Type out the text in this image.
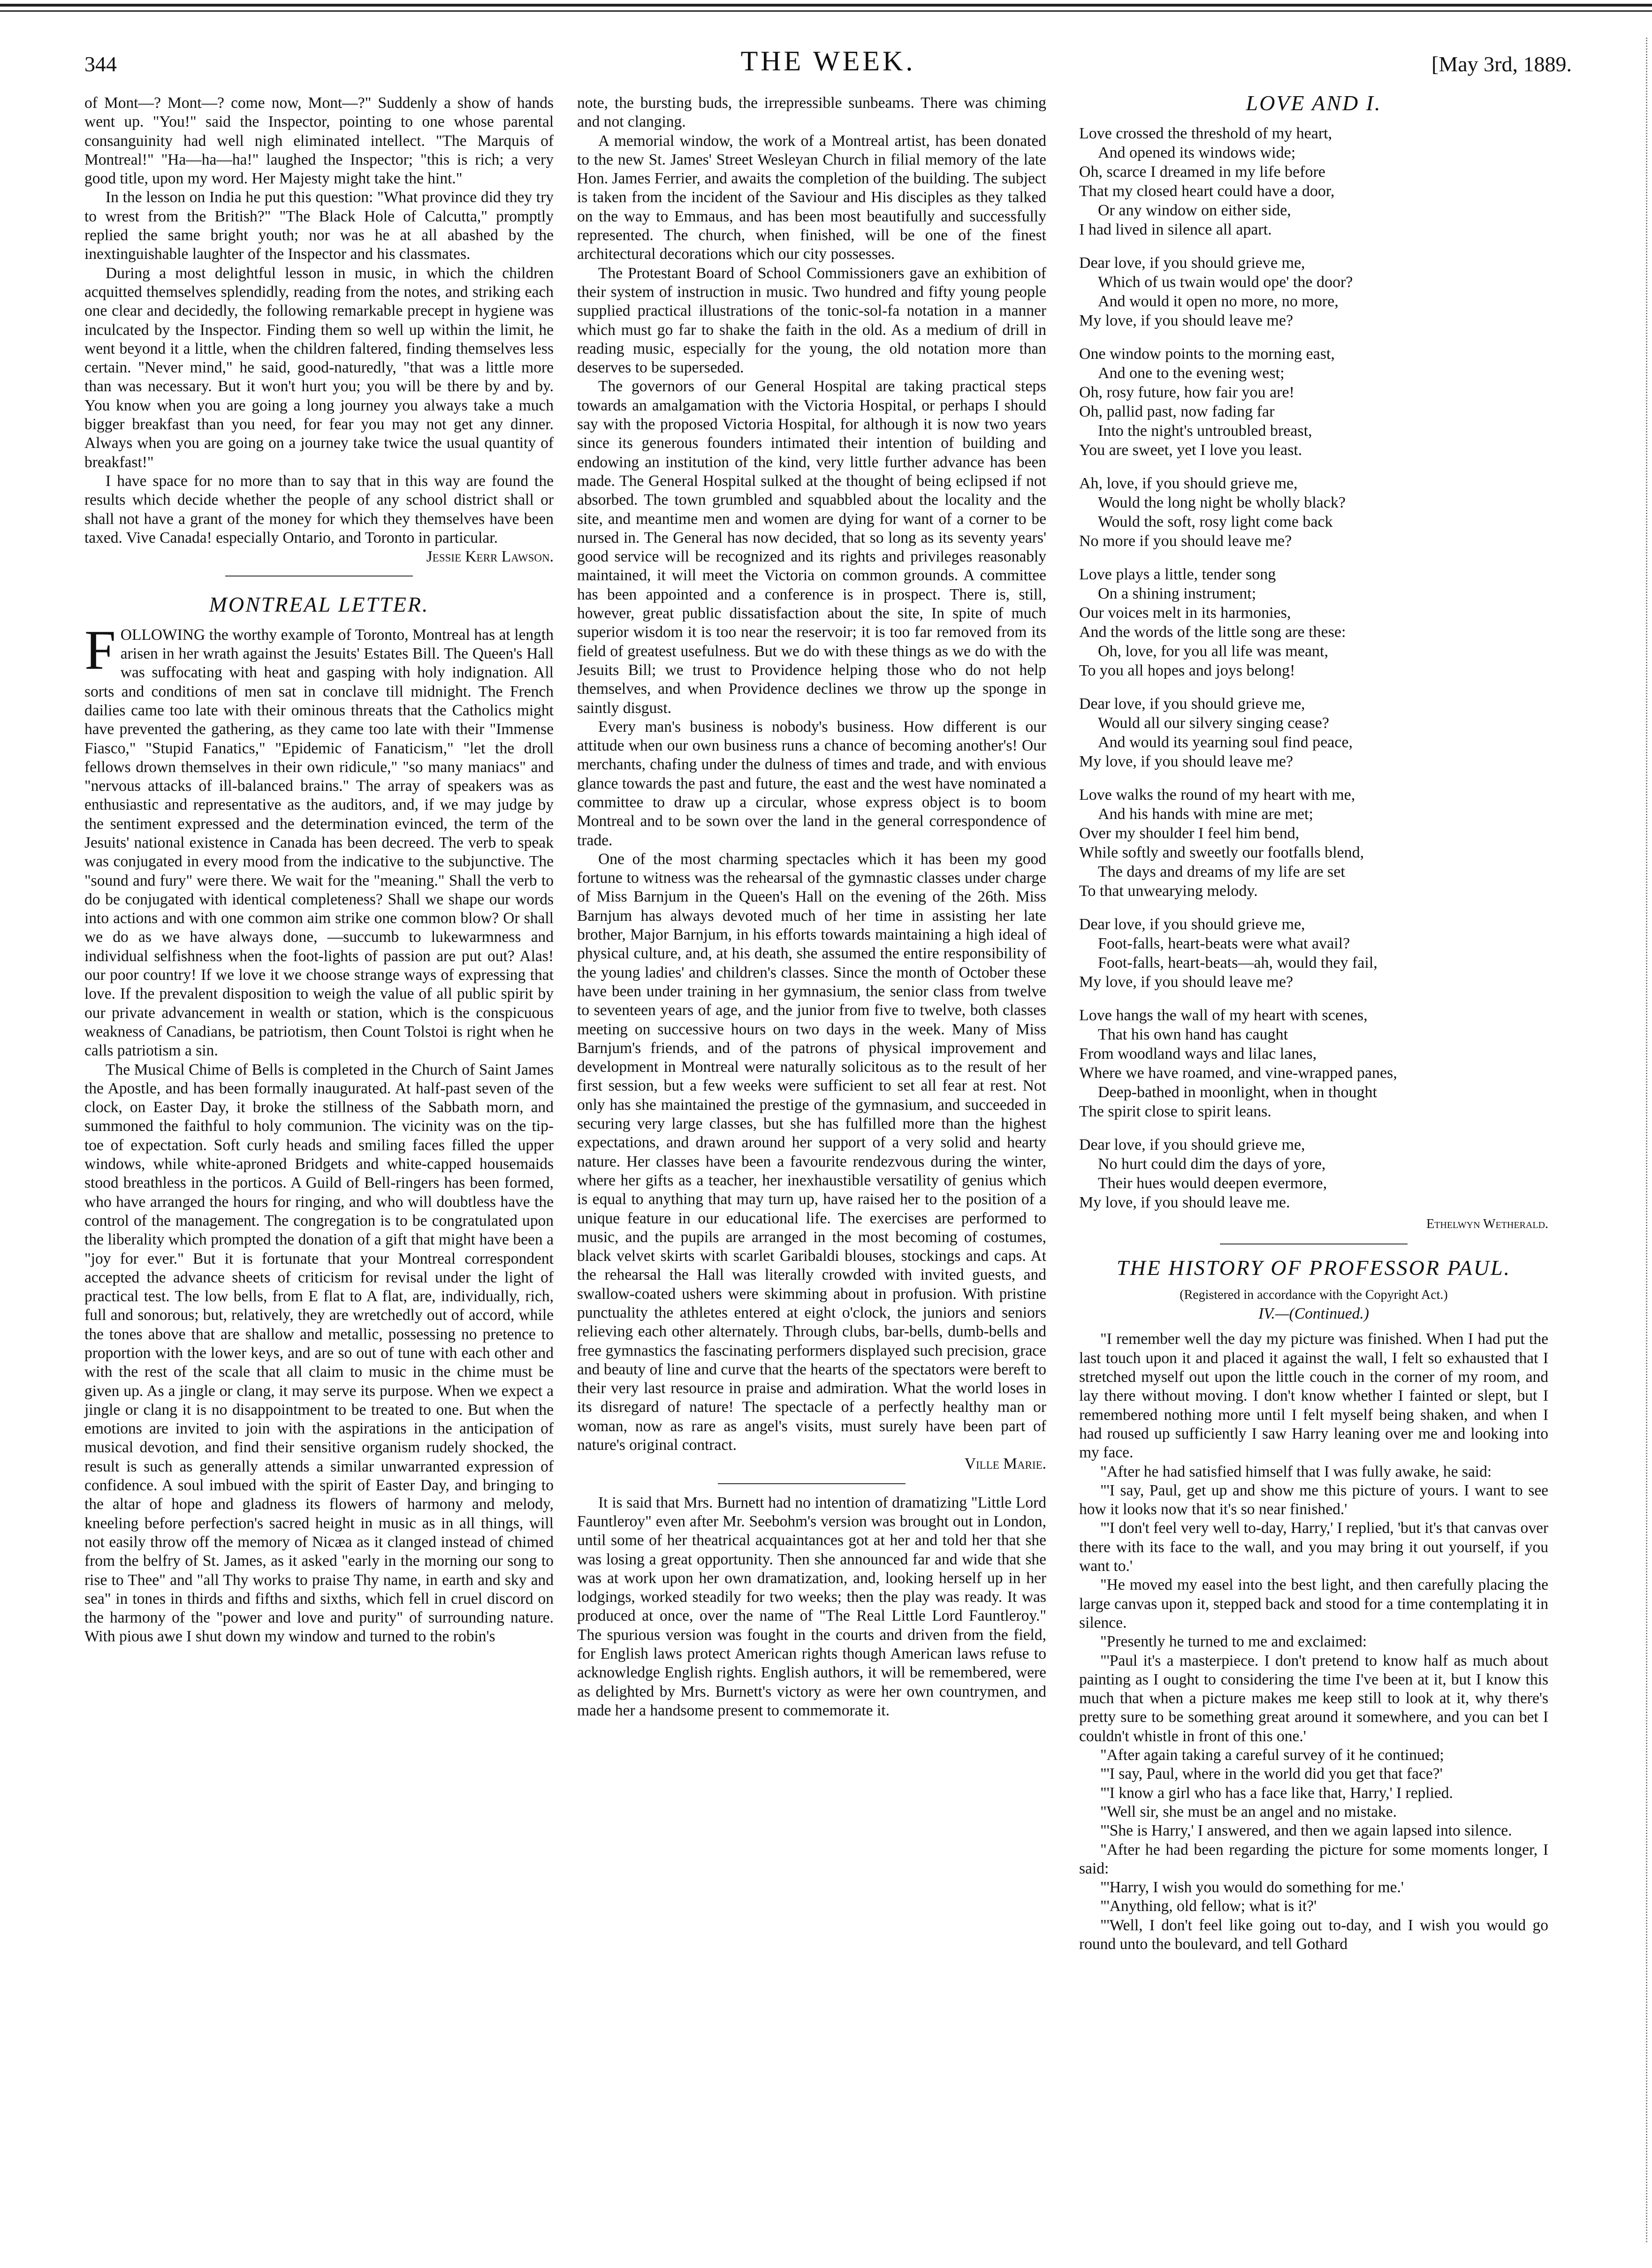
344	THE WEEK.	[May 3rd, 1889.

of Mont—? Mont—? come now, Mont—?" Suddenly a show of hands went up. "You!" said the Inspector, pointing to one whose parental consanguinity had well nigh eliminated intellect. "The Marquis of Montreal!" "Ha—ha—ha!" laughed the Inspector; "this is rich; a very good title, upon my word. Her Majesty might take the hint."

In the lesson on India he put this question: "What province did they try to wrest from the British?" "The Black Hole of Calcutta," promptly replied the same bright youth; nor was he at all abashed by the inextinguishable laughter of the Inspector and his classmates.

During a most delightful lesson in music, in which the children acquitted themselves splendidly, reading from the notes, and striking each one clear and decidedly, the following remarkable precept in hygiene was inculcated by the Inspector. Finding them so well up within the limit, he went beyond it a little, when the children faltered, finding themselves less certain. "Never mind," he said, good-naturedly, "that was a little more than was necessary. But it won't hurt you; you will be there by and by. You know when you are going a long journey you always take a much bigger breakfast than you need, for fear you may not get any dinner. Always when you are going on a journey take twice the usual quantity of breakfast!"

I have space for no more than to say that in this way are found the results which decide whether the people of any school district shall or shall not have a grant of the money for which they themselves have been taxed. Vive Canada! especially Ontario, and Toronto in particular.

Jessie Kerr Lawson.

MONTREAL LETTER.

FOLLOWING the worthy example of Toronto, Montreal has at length arisen in her wrath against the Jesuits' Estates Bill. The Queen's Hall was suffocating with heat and gasping with holy indignation. All sorts and conditions of men sat in conclave till midnight. The French dailies came too late with their ominous threats that the Catholics might have prevented the gathering, as they came too late with their "Immense Fiasco," "Stupid Fanatics," "Epidemic of Fanaticism," "let the droll fellows drown themselves in their own ridicule," "so many maniacs" and "nervous attacks of ill-balanced brains." The array of speakers was as enthusiastic and representative as the auditors, and, if we may judge by the sentiment expressed and the determination evinced, the term of the Jesuits' national existence in Canada has been decreed. The verb to speak was conjugated in every mood from the indicative to the subjunctive. The "sound and fury" were there. We wait for the "meaning." Shall the verb to do be conjugated with identical completeness? Shall we shape our words into actions and with one common aim strike one common blow? Or shall we do as we have always done, —succumb to lukewarmness and individual selfishness when the foot-lights of passion are put out? Alas! our poor country! If we love it we choose strange ways of expressing that love. If the prevalent disposition to weigh the value of all public spirit by our private advancement in wealth or station, which is the conspicuous weakness of Canadians, be patriotism, then Count Tolstoi is right when he calls patriotism a sin.

The Musical Chime of Bells is completed in the Church of Saint James the Apostle, and has been formally inaugurated. At half-past seven of the clock, on Easter Day, it broke the stillness of the Sabbath morn, and summoned the faithful to holy communion. The vicinity was on the tip-toe of expectation. Soft curly heads and smiling faces filled the upper windows, while white-aproned Bridgets and white-capped housemaids stood breathless in the porticos. A Guild of Bell-ringers has been formed, who have arranged the hours for ringing, and who will doubtless have the control of the management. The congregation is to be congratulated upon the liberality which prompted the donation of a gift that might have been a "joy for ever." But it is fortunate that your Montreal correspondent accepted the advance sheets of criticism for revisal under the light of practical test. The low bells, from E flat to A flat, are, individually, rich, full and sonorous; but, relatively, they are wretchedly out of accord, while the tones above that are shallow and metallic, possessing no pretence to proportion with the lower keys, and are so out of tune with each other and with the rest of the scale that all claim to music in the chime must be given up. As a jingle or clang, it may serve its purpose. When we expect a jingle or clang it is no disappointment to be treated to one. But when the emotions are invited to join with the aspirations in the anticipation of musical devotion, and find their sensitive organism rudely shocked, the result is such as generally attends a similar unwarranted expression of confidence. A soul imbued with the spirit of Easter Day, and bringing to the altar of hope and gladness its flowers of harmony and melody, kneeling before perfection's sacred height in music as in all things, will not easily throw off the memory of Nicæa as it clanged instead of chimed from the belfry of St. James, as it asked "early in the morning our song to rise to Thee" and "all Thy works to praise Thy name, in earth and sky and sea" in tones in thirds and fifths and sixths, which fell in cruel discord on the harmony of the "power and love and purity" of surrounding nature. With pious awe I shut down my window and turned to the robin's

note, the bursting buds, the irrepressible sunbeams. There was chiming and not clanging.

A memorial window, the work of a Montreal artist, has been donated to the new St. James' Street Wesleyan Church in filial memory of the late Hon. James Ferrier, and awaits the completion of the building. The subject is taken from the incident of the Saviour and His disciples as they talked on the way to Emmaus, and has been most beautifully and successfully represented. The church, when finished, will be one of the finest architectural decorations which our city possesses.

The Protestant Board of School Commissioners gave an exhibition of their system of instruction in music. Two hundred and fifty young people supplied practical illustrations of the tonic-sol-fa notation in a manner which must go far to shake the faith in the old. As a medium of drill in reading music, especially for the young, the old notation more than deserves to be superseded.

The governors of our General Hospital are taking practical steps towards an amalgamation with the Victoria Hospital, or perhaps I should say with the proposed Victoria Hospital, for although it is now two years since its generous founders intimated their intention of building and endowing an institution of the kind, very little further advance has been made. The General Hospital sulked at the thought of being eclipsed if not absorbed. The town grumbled and squabbled about the locality and the site, and meantime men and women are dying for want of a corner to be nursed in. The General has now decided, that so long as its seventy years' good service will be recognized and its rights and privileges reasonably maintained, it will meet the Victoria on common grounds. A committee has been appointed and a conference is in prospect. There is, still, however, great public dissatisfaction about the site, In spite of much superior wisdom it is too near the reservoir; it is too far removed from its field of greatest usefulness. But we do with these things as we do with the Jesuits Bill; we trust to Providence helping those who do not help themselves, and when Providence declines we throw up the sponge in saintly disgust.

Every man's business is nobody's business. How different is our attitude when our own business runs a chance of becoming another's! Our merchants, chafing under the dulness of times and trade, and with envious glance towards the past and future, the east and the west have nominated a committee to draw up a circular, whose express object is to boom Montreal and to be sown over the land in the general correspondence of trade.

One of the most charming spectacles which it has been my good fortune to witness was the rehearsal of the gymnastic classes under charge of Miss Barnjum in the Queen's Hall on the evening of the 26th. Miss Barnjum has always devoted much of her time in assisting her late brother, Major Barnjum, in his efforts towards maintaining a high ideal of physical culture, and, at his death, she assumed the entire responsibility of the young ladies' and children's classes. Since the month of October these have been under training in her gymnasium, the senior class from twelve to seventeen years of age, and the junior from five to twelve, both classes meeting on successive hours on two days in the week. Many of Miss Barnjum's friends, and of the patrons of physical improvement and development in Montreal were naturally solicitous as to the result of her first session, but a few weeks were sufficient to set all fear at rest. Not only has she maintained the prestige of the gymnasium, and succeeded in securing very large classes, but she has fulfilled more than the highest expectations, and drawn around her support of a very solid and hearty nature. Her classes have been a favourite rendezvous during the winter, where her gifts as a teacher, her inexhaustible versatility of genius which is equal to anything that may turn up, have raised her to the position of a unique feature in our educational life. The exercises are performed to music, and the pupils are arranged in the most becoming of costumes, black velvet skirts with scarlet Garibaldi blouses, stockings and caps. At the rehearsal the Hall was literally crowded with invited guests, and swallow-coated ushers were skimming about in profusion. With pristine punctuality the athletes entered at eight o'clock, the juniors and seniors relieving each other alternately. Through clubs, bar-bells, dumb-bells and free gymnastics the fascinating performers displayed such precision, grace and beauty of line and curve that the hearts of the spectators were bereft to their very last resource in praise and admiration. What the world loses in its disregard of nature! The spectacle of a perfectly healthy man or woman, now as rare as angel's visits, must surely have been part of nature's original contract.

Ville Marie.

It is said that Mrs. Burnett had no intention of dramatizing "Little Lord Fauntleroy" even after Mr. Seebohm's version was brought out in London, until some of her theatrical acquaintances got at her and told her that she was losing a great opportunity. Then she announced far and wide that she was at work upon her own dramatization, and, looking herself up in her lodgings, worked steadily for two weeks; then the play was ready. It was produced at once, over the name of "The Real Little Lord Fauntleroy." The spurious version was fought in the courts and driven from the field, for English laws protect American rights though American laws refuse to acknowledge English rights. English authors, it will be remembered, were as delighted by Mrs. Burnett's victory as were her own countrymen, and made her a handsome present to commemorate it.

LOVE AND I.
Love crossed the threshold of my heart,
And opened its windows wide;
Oh, scarce I dreamed in my life before
That my closed heart could have a door,
Or any window on either side,
I had lived in silence all apart.
Dear love, if you should grieve me,
Which of us twain would ope' the door?
And would it open no more, no more,
My love, if you should leave me?
One window points to the morning east,
And one to the evening west;
Oh, rosy future, how fair you are!
Oh, pallid past, now fading far
Into the night's untroubled breast,
You are sweet, yet I love you least.
Ah, love, if you should grieve me,
Would the long night be wholly black?
Would the soft, rosy light come back
No more if you should leave me?
Love plays a little, tender song
On a shining instrument;
Our voices melt in its harmonies,
And the words of the little song are these:
Oh, love, for you all life was meant,
To you all hopes and joys belong!
Dear love, if you should grieve me,
Would all our silvery singing cease?
And would its yearning soul find peace,
My love, if you should leave me?
Love walks the round of my heart with me,
And his hands with mine are met;
Over my shoulder I feel him bend,
While softly and sweetly our footfalls blend,
The days and dreams of my life are set
To that unwearying melody.
Dear love, if you should grieve me,
Foot-falls, heart-beats were what avail?
Foot-falls, heart-beats—ah, would they fail,
My love, if you should leave me?
Love hangs the wall of my heart with scenes,
That his own hand has caught
From woodland ways and lilac lanes,
Where we have roamed, and vine-wrapped panes,
Deep-bathed in moonlight, when in thought
The spirit close to spirit leans.
Dear love, if you should grieve me,
No hurt could dim the days of yore,
Their hues would deepen evermore,
My love, if you should leave me.

Ethelwyn Wetherald.

THE HISTORY OF PROFESSOR PAUL.

(Registered in accordance with the Copyright Act.)

IV.—(Continued.)

"I remember well the day my picture was finished. When I had put the last touch upon it and placed it against the wall, I felt so exhausted that I stretched myself out upon the little couch in the corner of my room, and lay there without moving. I don't know whether I fainted or slept, but I remembered nothing more until I felt myself being shaken, and when I had roused up sufficiently I saw Harry leaning over me and looking into my face.

"After he had satisfied himself that I was fully awake, he said:

"'I say, Paul, get up and show me this picture of yours. I want to see how it looks now that it's so near finished.'

"'I don't feel very well to-day, Harry,' I replied, 'but it's that canvas over there with its face to the wall, and you may bring it out yourself, if you want to.'

"He moved my easel into the best light, and then carefully placing the large canvas upon it, stepped back and stood for a time contemplating it in silence.

"Presently he turned to me and exclaimed:

"'Paul it's a masterpiece. I don't pretend to know half as much about painting as I ought to considering the time I've been at it, but I know this much that when a picture makes me keep still to look at it, why there's pretty sure to be something great around it somewhere, and you can bet I couldn't whistle in front of this one.'

"After again taking a careful survey of it he continued;

"'I say, Paul, where in the world did you get that face?'

"'I know a girl who has a face like that, Harry,' I replied.

"Well sir, she must be an angel and no mistake.

"'She is Harry,' I answered, and then we again lapsed into silence.

"After he had been regarding the picture for some moments longer, I said:

"'Harry, I wish you would do something for me.'

"'Anything, old fellow; what is it?'

"'Well, I don't feel like going out to-day, and I wish you would go round unto the boulevard, and tell Gothard
